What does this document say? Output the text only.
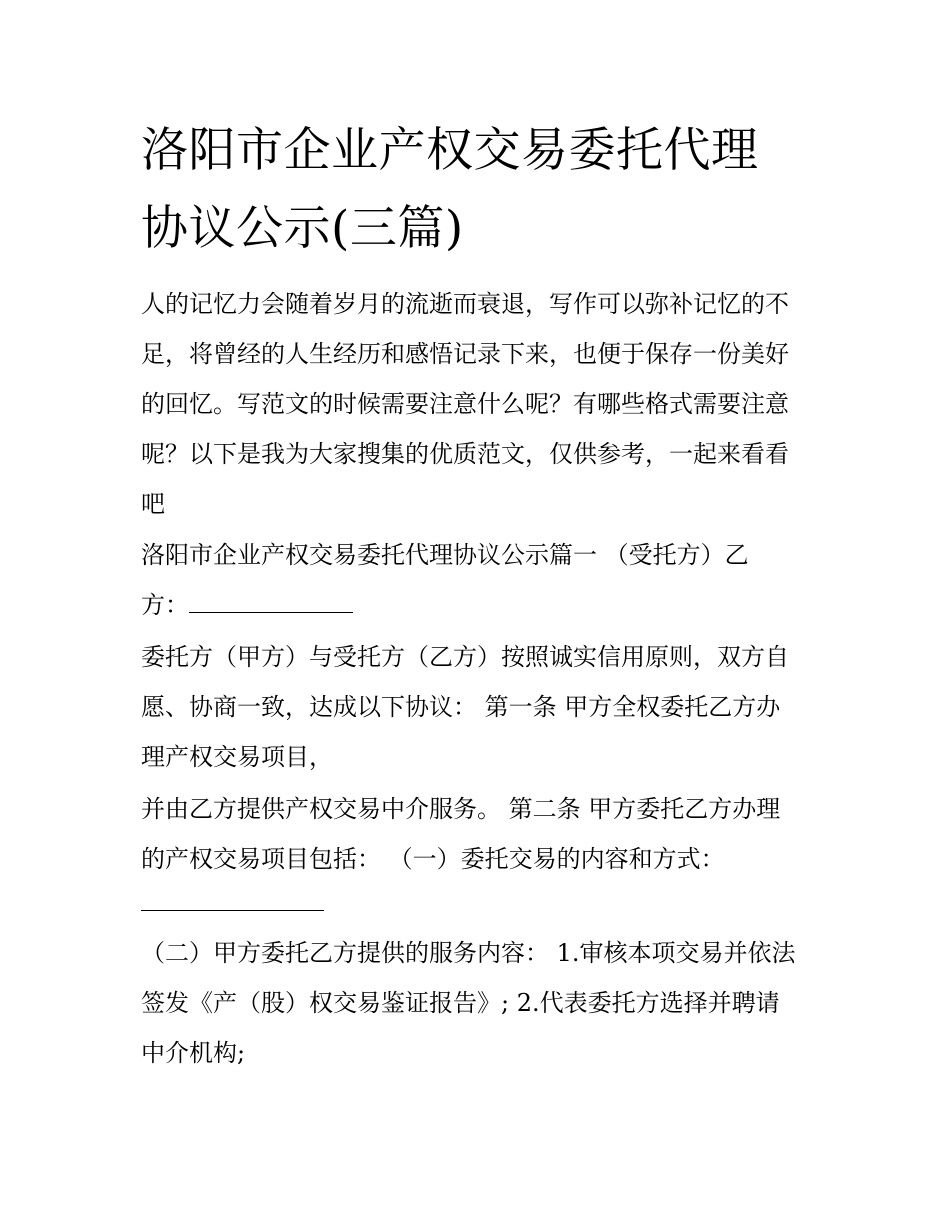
洛阳市企业产权交易委托代理
协议公示(三篇)

人的记忆力会随着岁月的流逝而衰退，写作可以弥补记忆的不
足，将曾经的人生经历和感悟记录下来，也便于保存一份美好
的回忆。写范文的时候需要注意什么呢？有哪些格式需要注意
呢？以下是我为大家搜集的优质范文，仅供参考，一起来看看
吧

洛阳市企业产权交易委托代理协议公示篇一 （受托方）乙
方：

委托方（甲方）与受托方（乙方）按照诚实信用原则，双方自
愿、协商一致，达成以下协议： 第一条 甲方全权委托乙方办
理产权交易项目，

并由乙方提供产权交易中介服务。 第二条 甲方委托乙方办理
的产权交易项目包括： （一）委托交易的内容和方式：

（二）甲方委托乙方提供的服务内容： 1.审核本项交易并依法
签发《产（股）权交易鉴证报告》; 2.代表委托方选择并聘请
中介机构;
